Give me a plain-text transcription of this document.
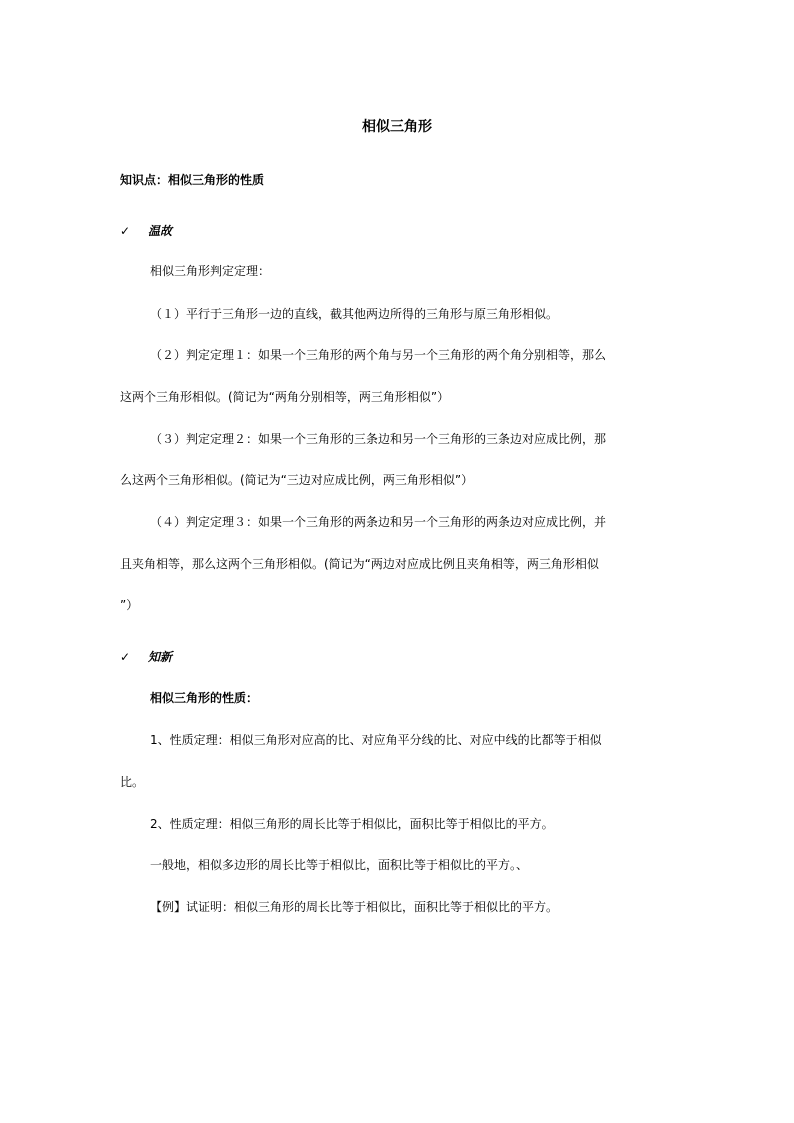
相似三角形
知识点：相似三角形的性质
✓	温故
相似三角形判定定理：
（１）平行于三角形一边的直线，截其他两边所得的三角形与原三角形相似。
（２）判定定理１：如果一个三角形的两个角与另一个三角形的两个角分别相等，那么
这两个三角形相似。(简记为“两角分别相等，两三角形相似”）
（３）判定定理２：如果一个三角形的三条边和另一个三角形的三条边对应成比例，那
么这两个三角形相似。(简记为“三边对应成比例，两三角形相似”）
（４）判定定理３：如果一个三角形的两条边和另一个三角形的两条边对应成比例，并
且夹角相等，那么这两个三角形相似。(简记为“两边对应成比例且夹角相等，两三角形相似
”）
✓	知新
相似三角形的性质：
1、性质定理：相似三角形对应高的比、对应角平分线的比、对应中线的比都等于相似
比。
2、性质定理：相似三角形的周长比等于相似比，面积比等于相似比的平方。
一般地，相似多边形的周长比等于相似比，面积比等于相似比的平方。、
【例】试证明：相似三角形的周长比等于相似比，面积比等于相似比的平方。
